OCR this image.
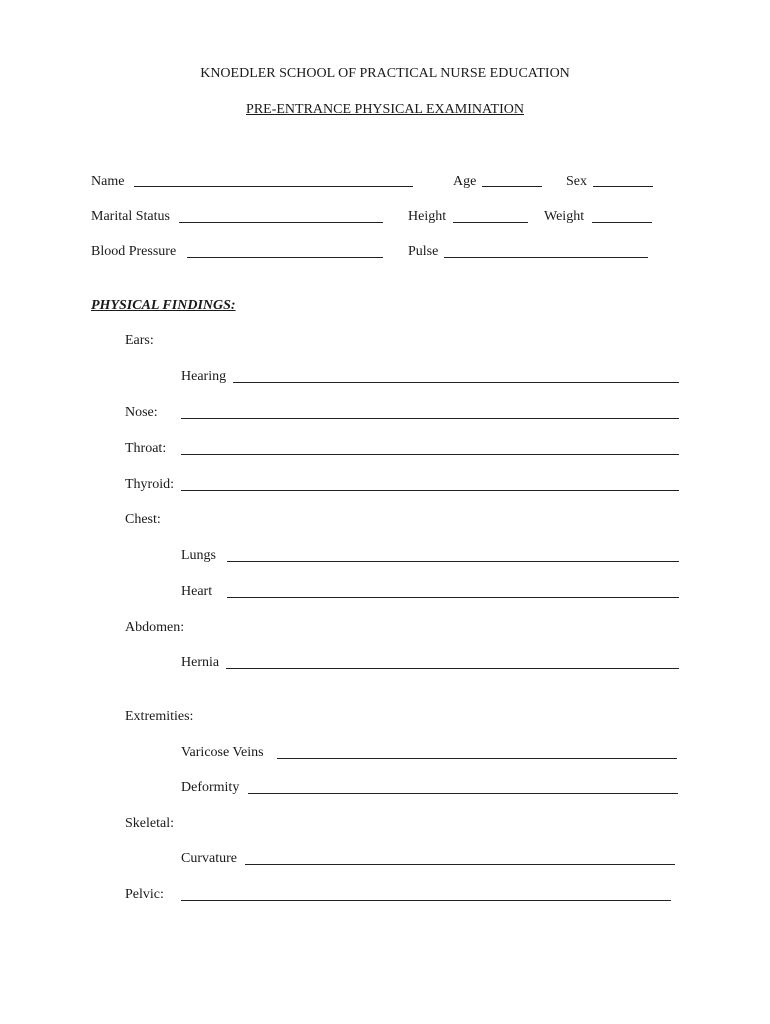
KNOEDLER SCHOOL OF PRACTICAL NURSE EDUCATION
PRE-ENTRANCE PHYSICAL EXAMINATION
Name	Age	Sex
Marital Status	Height	Weight
Blood Pressure	Pulse
PHYSICAL FINDINGS:
Ears:
Hearing
Nose:
Throat:
Thyroid:
Chest:
Lungs
Heart
Abdomen:
Hernia
Extremities:
Varicose Veins
Deformity
Skeletal:
Curvature
Pelvic:
